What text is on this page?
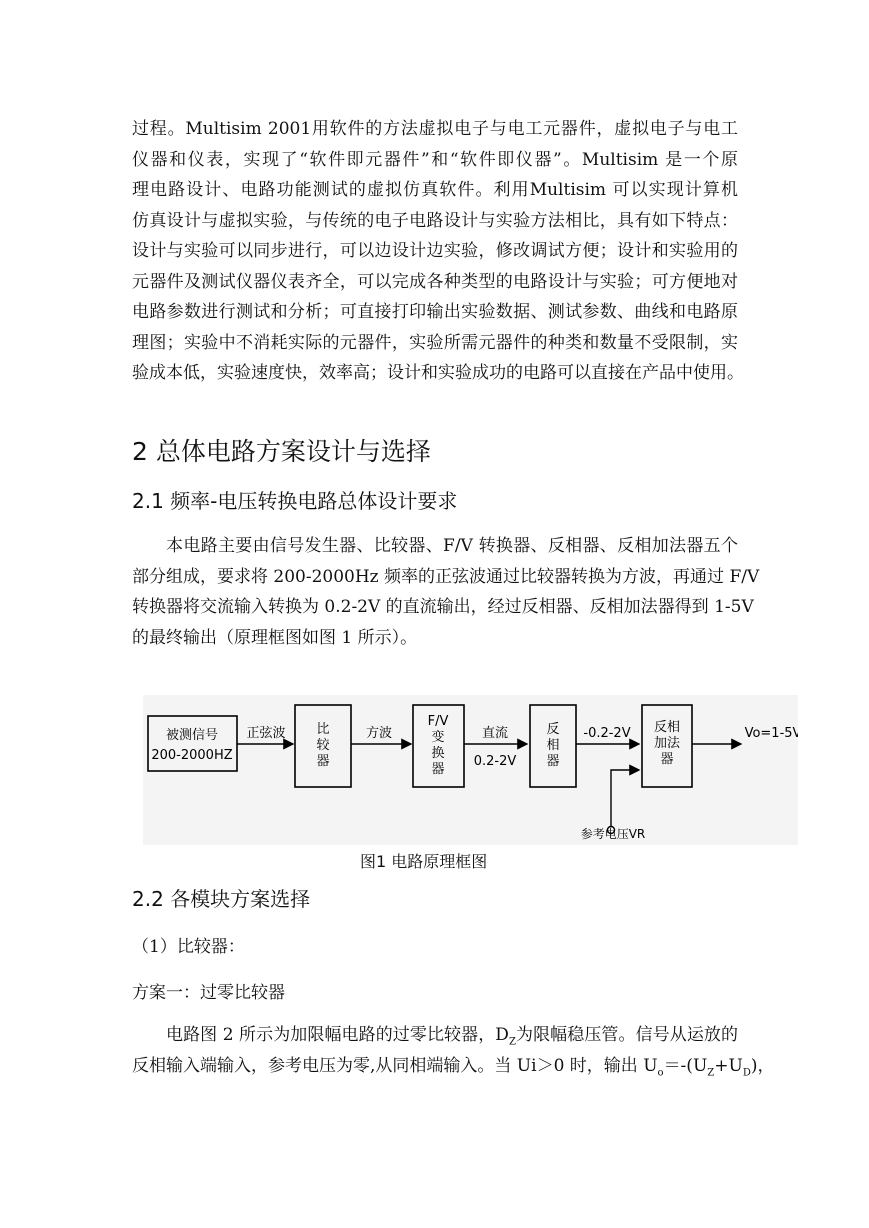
过程。Multisim 2001用软件的方法虚拟电子与电工元器件，虚拟电子与电工
仪器和仪表，实现了“软件即元器件”和“软件即仪器”。Multisim 是一个原
理电路设计、电路功能测试的虚拟仿真软件。利用Multisim 可以实现计算机
仿真设计与虚拟实验，与传统的电子电路设计与实验方法相比，具有如下特点：
设计与实验可以同步进行，可以边设计边实验，修改调试方便；设计和实验用的
元器件及测试仪器仪表齐全，可以完成各种类型的电路设计与实验；可方便地对
电路参数进行测试和分析；可直接打印输出实验数据、测试参数、曲线和电路原
理图；实验中不消耗实际的元器件，实验所需元器件的种类和数量不受限制，实
验成本低，实验速度快，效率高；设计和实验成功的电路可以直接在产品中使用。
2 总体电路方案设计与选择
2.1 频率-电压转换电路总体设计要求
本电路主要由信号发生器、比较器、F/V 转换器、反相器、反相加法器五个
部分组成，要求将 200-2000Hz 频率的正弦波通过比较器转换为方波，再通过 F/V
转换器将交流输入转换为 0.2-2V 的直流输出，经过反相器、反相加法器得到 1-5V
的最终输出（原理框图如图 1 所示）。
被测信号
200-2000HZ
正弦波 比
较
器
方波
F/V
变
换
器
直流
0.2-2V
反
相
器
-0.2-2V 反相
加法
器
参考电压VR
Vo=1-5V
图1 电路原理框图
2.2 各模块方案选择
（1）比较器：
方案一：过零比较器
电路图 2 所示为加限幅电路的过零比较器，$D_Z$为限幅稳压管。信号从运放的
反相输入端输入，参考电压为零,从同相端输入。当 Ui＞0 时，输出 $U_o=-(U_Z+U_D)$，
